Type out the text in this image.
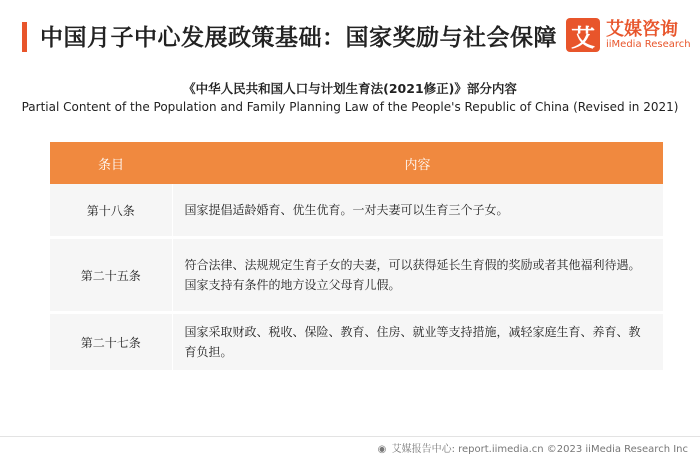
中国月子中心发展政策基础：国家奖励与社会保障 艾 艾媒咨询
iiMedia Research
《中华人民共和国人口与计划生育法(2021修正)》部分内容
Partial Content of the Population and Family Planning Law of the People's Republic of China (Revised in 2021)
条目	内容
第十八条	国家提倡适龄婚育、优生优育。一对夫妻可以生育三个子女。
第二十五条	符合法律、法规规定生育子女的夫妻，可以获得延长生育假的奖励或者其他福利待遇。国家支持有条件的地方设立父母育儿假。
第二十七条	国家采取财政、税收、保险、教育、住房、就业等支持措施，减轻家庭生育、养育、教育负担。
◉ 艾媒报告中心: report.iimedia.cn ©2023 iiMedia Research Inc
